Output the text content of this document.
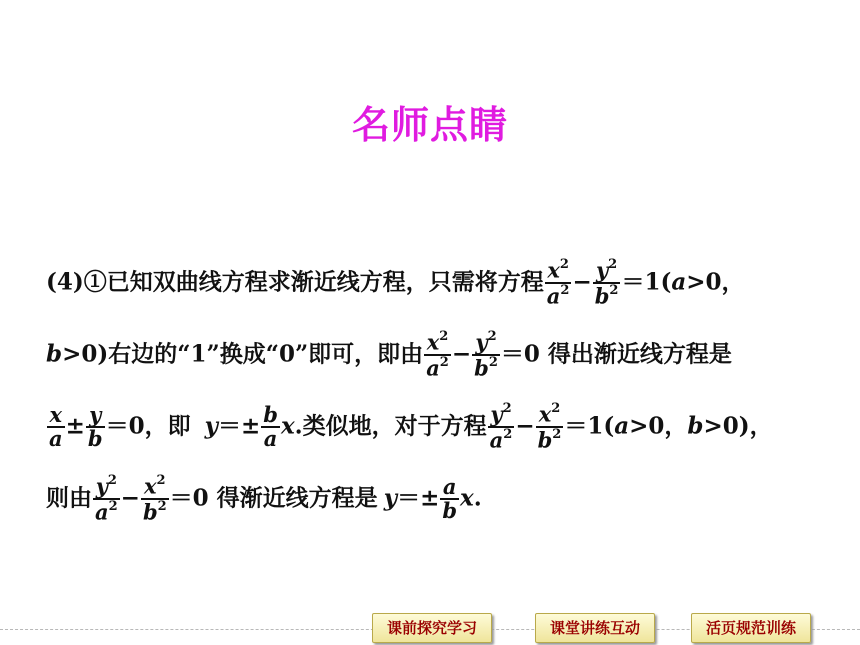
名师点睛
(4)①已知双曲线方程求渐近线方程，只需将方程 $\frac{x^2}{a^2} - \frac{y^2}{b^2} =1(a>0$，
b>0)右边的“1”换成“0”即可，即由 $\frac{x^2}{a^2} - \frac{y^2}{b^2} =0$ 得出渐近线方程是
$\frac{x}{a} \pm \frac{y}{b} =0$，即 $y=\pm \frac{b}{a} x$.类似地，对于方程 $\frac{y^2}{a^2} - \frac{x^2}{b^2} =1(a>0$，b>0)，
则由 $\frac{y^2}{a^2} - \frac{x^2}{b^2} =0$ 得渐近线方程是 $y=\pm \frac{a}{b} x$.
课前探究学习	课堂讲练互动	活页规范训练
